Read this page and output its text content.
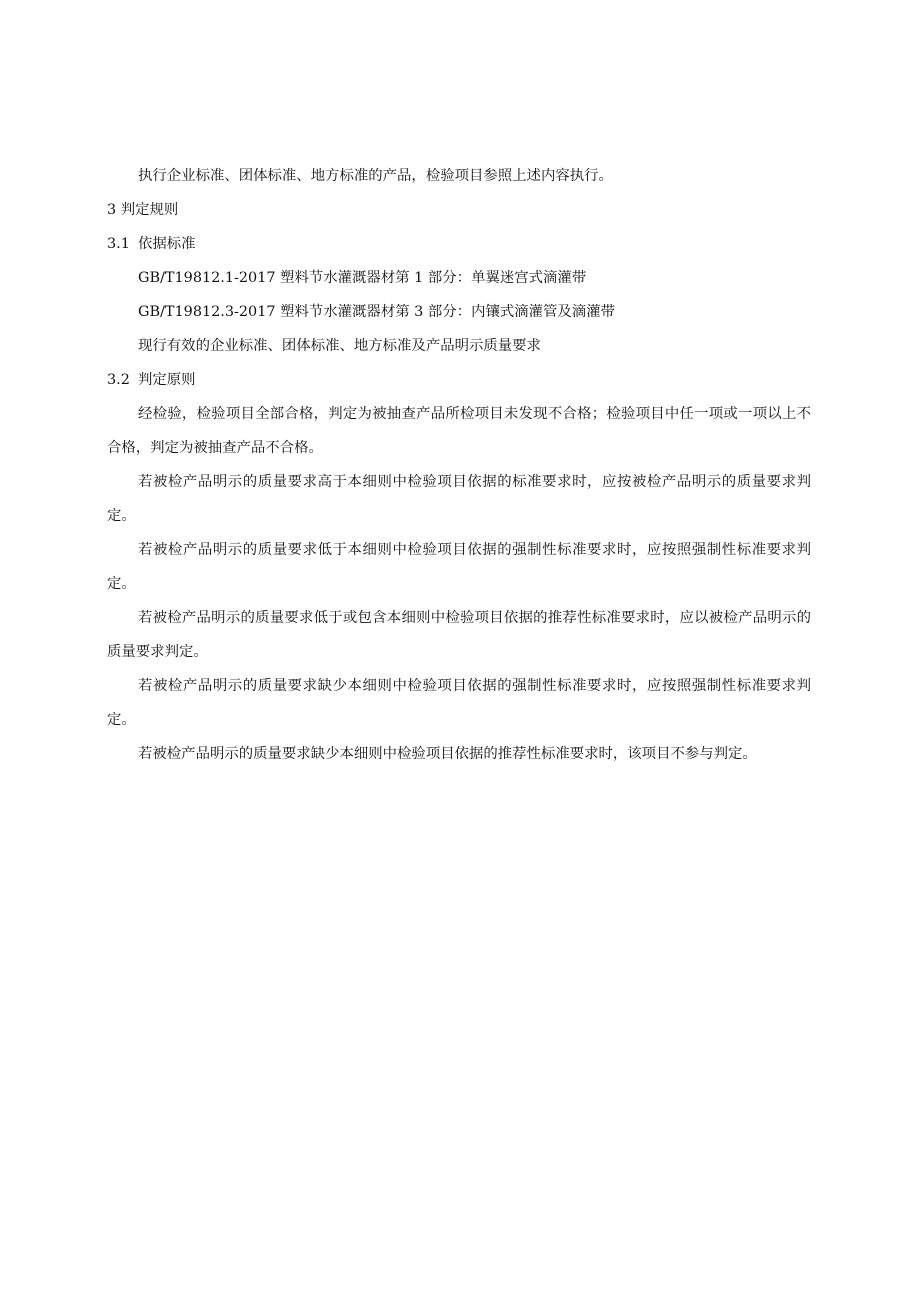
执行企业标准、团体标准、地方标准的产品，检验项目参照上述内容执行。

3 判定规则

3.1 依据标准

GB/T19812.1-2017 塑料节水灌溉器材第 1 部分：单翼迷宫式滴灌带

GB/T19812.3-2017 塑料节水灌溉器材第 3 部分：内镶式滴灌管及滴灌带

现行有效的企业标准、团体标准、地方标准及产品明示质量要求

3.2 判定原则

经检验，检验项目全部合格，判定为被抽查产品所检项目未发现不合格；检验项目中任一项或一项以上不合格，判定为被抽查产品不合格。

若被检产品明示的质量要求高于本细则中检验项目依据的标准要求时，应按被检产品明示的质量要求判定。

若被检产品明示的质量要求低于本细则中检验项目依据的强制性标准要求时，应按照强制性标准要求判定。

若被检产品明示的质量要求低于或包含本细则中检验项目依据的推荐性标准要求时，应以被检产品明示的质量要求判定。

若被检产品明示的质量要求缺少本细则中检验项目依据的强制性标准要求时，应按照强制性标准要求判定。

若被检产品明示的质量要求缺少本细则中检验项目依据的推荐性标准要求时，该项目不参与判定。
